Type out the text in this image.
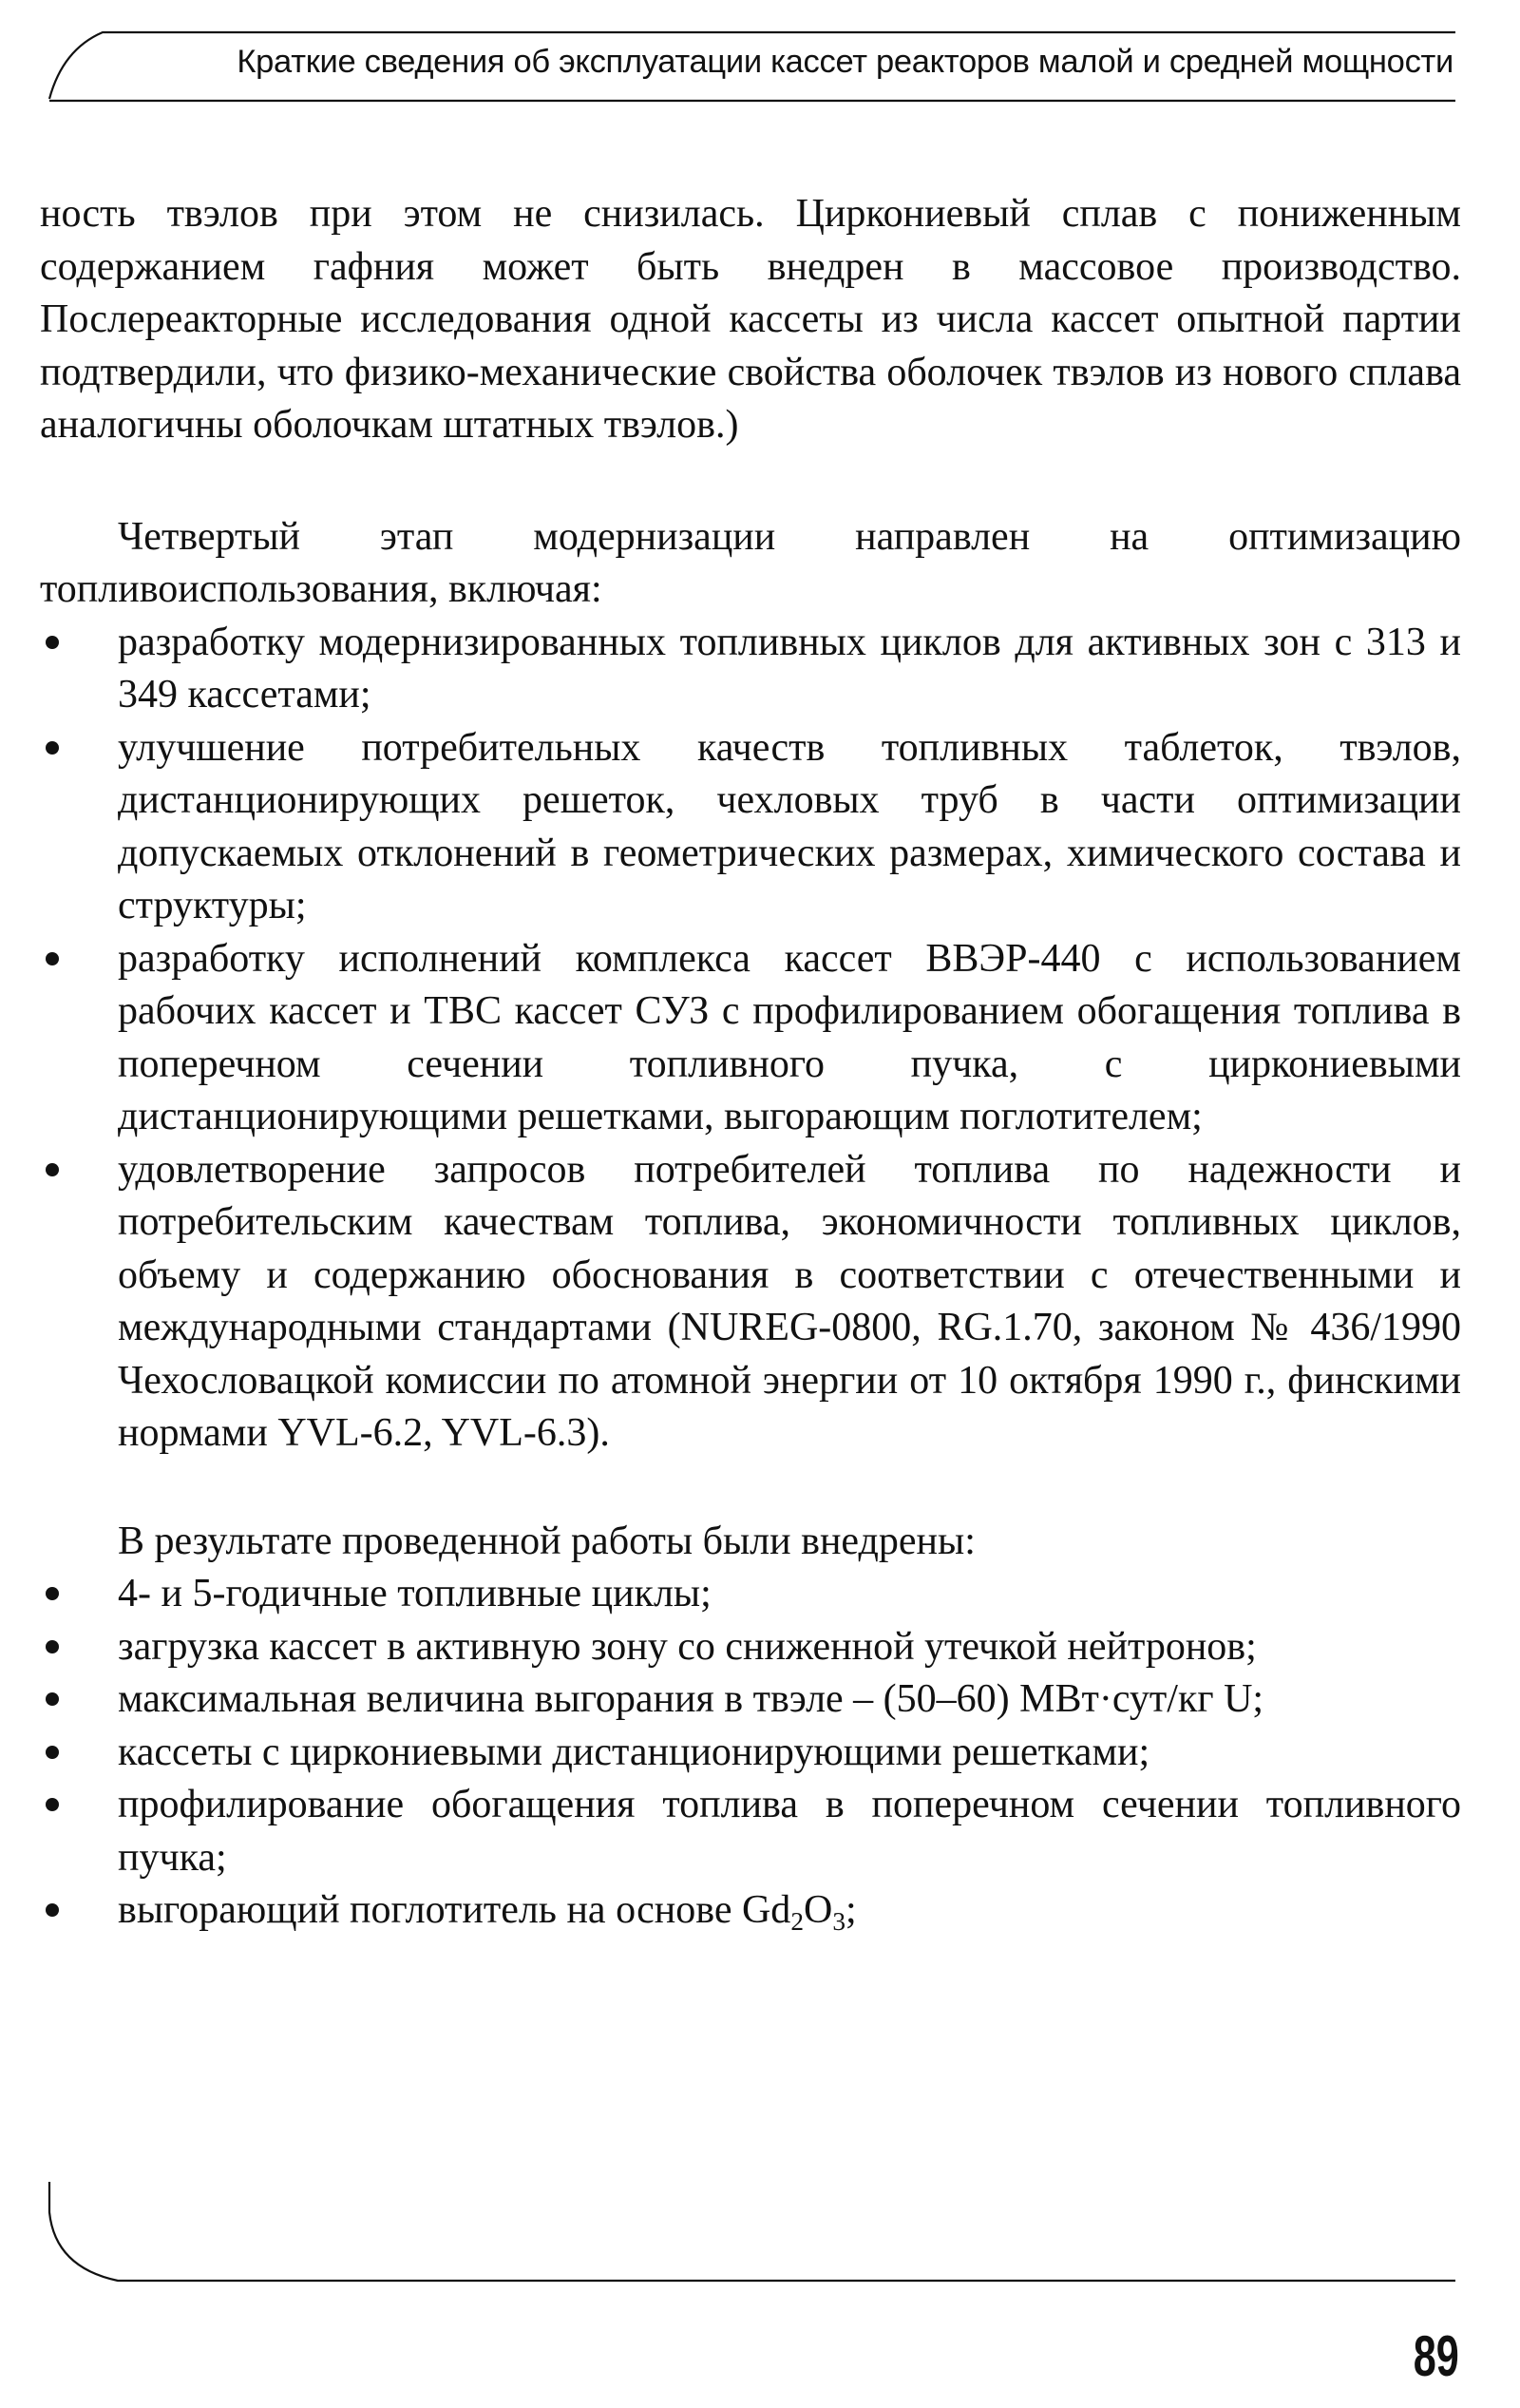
Краткие сведения об эксплуатации кассет реакторов малой и средней мощности

ность твэлов при этом не снизилась. Циркониевый сплав с пониженным содержанием гафния может быть внедрен в массовое производство. Послереакторные исследования одной кассеты из числа кассет опытной партии подтвердили, что физико-механические свойства оболочек твэлов из нового сплава аналогичны оболочкам штатных твэлов.)

Четвертый этап модернизации направлен на оптимизацию топливоиспользования, включая:

разработку модернизированных топливных циклов для активных зон с 313 и 349 кассетами;
улучшение потребительных качеств топливных таблеток, твэлов, дистанционирующих решеток, чехловых труб в части оптимизации допускаемых отклонений в геометрических размерах, химического состава и структуры;
разработку исполнений комплекса кассет ВВЭР-440 с использованием рабочих кассет и ТВС кассет СУЗ с профилированием обогащения топлива в поперечном сечении топливного пучка, с циркониевыми дистанционирующими решетками, выгорающим поглотителем;
удовлетворение запросов потребителей топлива по надежности и потребительским качествам топлива, экономичности топливных циклов, объему и содержанию обоснования в соответствии с отечественными и международными стандартами (NUREG-0800, RG.1.70, законом № 436/1990 Чехословацкой комиссии по атомной энергии от 10 октября 1990 г., финскими нормами YVL-6.2, YVL-6.3).

В результате проведенной работы были внедрены:

4- и 5-годичные топливные циклы;
загрузка кассет в активную зону со сниженной утечкой нейтронов;
максимальная величина выгорания в твэле – (50–60) МВт·сут/кг U;
кассеты с циркониевыми дистанционирующими решетками;
профилирование обогащения топлива в поперечном сечении топливного пучка;
выгорающий поглотитель на основе $Gd_2O_3$;
89
